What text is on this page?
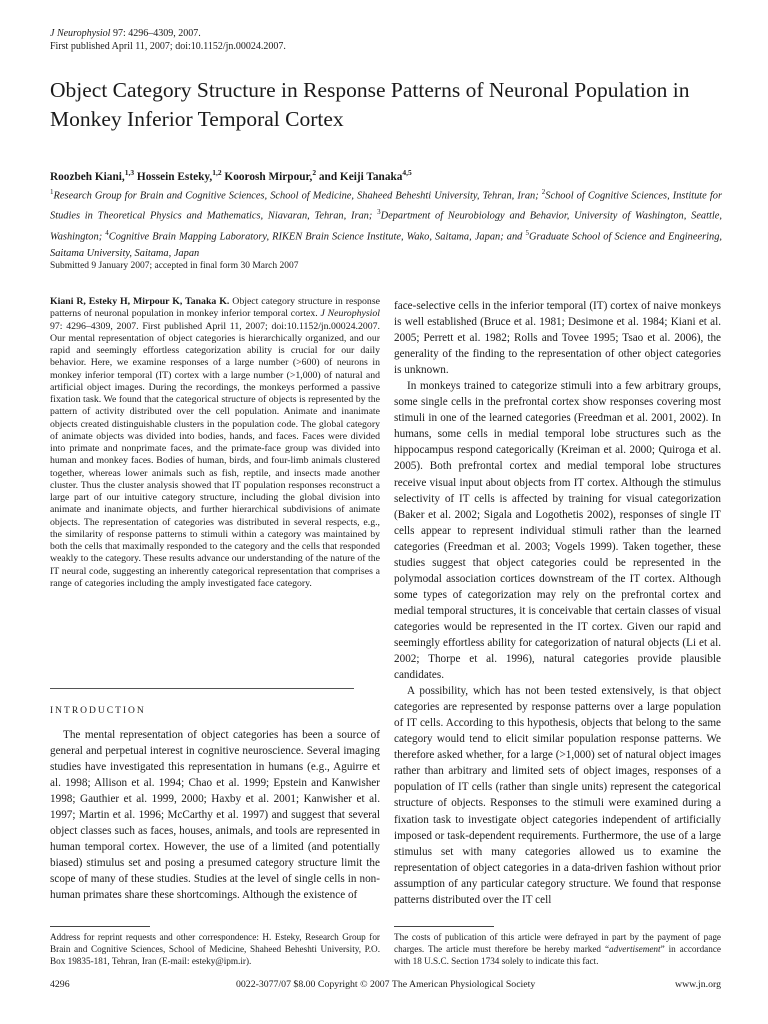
J Neurophysiol 97: 4296–4309, 2007.
First published April 11, 2007; doi:10.1152/jn.00024.2007.
Object Category Structure in Response Patterns of Neuronal Population in Monkey Inferior Temporal Cortex
Roozbeh Kiani,$^{1,3}$ Hossein Esteky,$^{1,2}$ Koorosh Mirpour,$^2$ and Keiji Tanaka$^{4,5}$
$^1$Research Group for Brain and Cognitive Sciences, School of Medicine, Shaheed Beheshti University, Tehran, Iran; $^2$School of Cognitive Sciences, Institute for Studies in Theoretical Physics and Mathematics, Niavaran, Tehran, Iran; $^3$Department of Neurobiology and Behavior, University of Washington, Seattle, Washington; $^4$Cognitive Brain Mapping Laboratory, RIKEN Brain Science Institute, Wako, Saitama, Japan; and $^5$Graduate School of Science and Engineering, Saitama University, Saitama, Japan
Submitted 9 January 2007; accepted in final form 30 March 2007
Kiani R, Esteky H, Mirpour K, Tanaka K. Object category structure in response patterns of neuronal population in monkey inferior temporal cortex. J Neurophysiol 97: 4296–4309, 2007. First published April 11, 2007; doi:10.1152/jn.00024.2007. Our mental representation of object categories is hierarchically organized, and our rapid and seemingly effortless categorization ability is crucial for our daily behavior. Here, we examine responses of a large number (>600) of neurons in monkey inferior temporal (IT) cortex with a large number (>1,000) of natural and artificial object images. During the recordings, the monkeys performed a passive fixation task. We found that the categorical structure of objects is represented by the pattern of activity distributed over the cell population. Animate and inanimate objects created distinguishable clusters in the population code. The global category of animate objects was divided into bodies, hands, and faces. Faces were divided into primate and nonprimate faces, and the primate-face group was divided into human and monkey faces. Bodies of human, birds, and four-limb animals clustered together, whereas lower animals such as fish, reptile, and insects made another cluster. Thus the cluster analysis showed that IT population responses reconstruct a large part of our intuitive category structure, including the global division into animate and inanimate objects, and further hierarchical subdivisions of animate objects. The representation of categories was distributed in several respects, e.g., the similarity of response patterns to stimuli within a category was maintained by both the cells that maximally responded to the category and the cells that responded weakly to the category. These results advance our understanding of the nature of the IT neural code, suggesting an inherently categorical representation that comprises a range of categories including the amply investigated face category.
INTRODUCTION

The mental representation of object categories has been a source of general and perpetual interest in cognitive neuroscience. Several imaging studies have investigated this representation in humans (e.g., Aguirre et al. 1998; Allison et al. 1994; Chao et al. 1999; Epstein and Kanwisher 1998; Gauthier et al. 1999, 2000; Haxby et al. 2001; Kanwisher et al. 1997; Martin et al. 1996; McCarthy et al. 1997) and suggest that several object classes such as faces, houses, animals, and tools are represented in human temporal cortex. However, the use of a limited (and potentially biased) stimulus set and posing a presumed category structure limit the scope of many of these studies. Studies at the level of single cells in non-human primates share these shortcomings. Although the existence of

face-selective cells in the inferior temporal (IT) cortex of naive monkeys is well established (Bruce et al. 1981; Desimone et al. 1984; Kiani et al. 2005; Perrett et al. 1982; Rolls and Tovee 1995; Tsao et al. 2006), the generality of the finding to the representation of other object categories is unknown.

In monkeys trained to categorize stimuli into a few arbitrary groups, some single cells in the prefrontal cortex show responses covering most stimuli in one of the learned categories (Freedman et al. 2001, 2002). In humans, some cells in medial temporal lobe structures such as the hippocampus respond categorically (Kreiman et al. 2000; Quiroga et al. 2005). Both prefrontal cortex and medial temporal lobe structures receive visual input about objects from IT cortex. Although the stimulus selectivity of IT cells is affected by training for visual categorization (Baker et al. 2002; Sigala and Logothetis 2002), responses of single IT cells appear to represent individual stimuli rather than the learned categories (Freedman et al. 2003; Vogels 1999). Taken together, these studies suggest that object categories could be represented in the polymodal association cortices downstream of the IT cortex. Although some types of categorization may rely on the prefrontal cortex and medial temporal structures, it is conceivable that certain classes of visual categories would be represented in the IT cortex. Given our rapid and seemingly effortless ability for categorization of natural objects (Li et al. 2002; Thorpe et al. 1996), natural categories provide plausible candidates.

A possibility, which has not been tested extensively, is that object categories are represented by response patterns over a large population of IT cells. According to this hypothesis, objects that belong to the same category would tend to elicit similar population response patterns. We therefore asked whether, for a large (>1,000) set of natural object images rather than arbitrary and limited sets of object images, responses of a population of IT cells (rather than single units) represent the categorical structure of objects. Responses to the stimuli were examined during a fixation task to investigate object categories independent of artificially imposed or task-dependent requirements. Furthermore, the use of a large stimulus set with many categories allowed us to examine the representation of object categories in a data-driven fashion without prior assumption of any particular category structure. We found that response patterns distributed over the IT cell

Address for reprint requests and other correspondence: H. Esteky, Research Group for Brain and Cognitive Sciences, School of Medicine, Shaheed Beheshti University, P.O. Box 19835-181, Tehran, Iran (E-mail: esteky@ipm.ir).
The costs of publication of this article were defrayed in part by the payment of page charges. The article must therefore be hereby marked “advertisement” in accordance with 18 U.S.C. Section 1734 solely to indicate this fact.
4296	0022-3077/07 $8.00 Copyright © 2007 The American Physiological Society	www.jn.org
